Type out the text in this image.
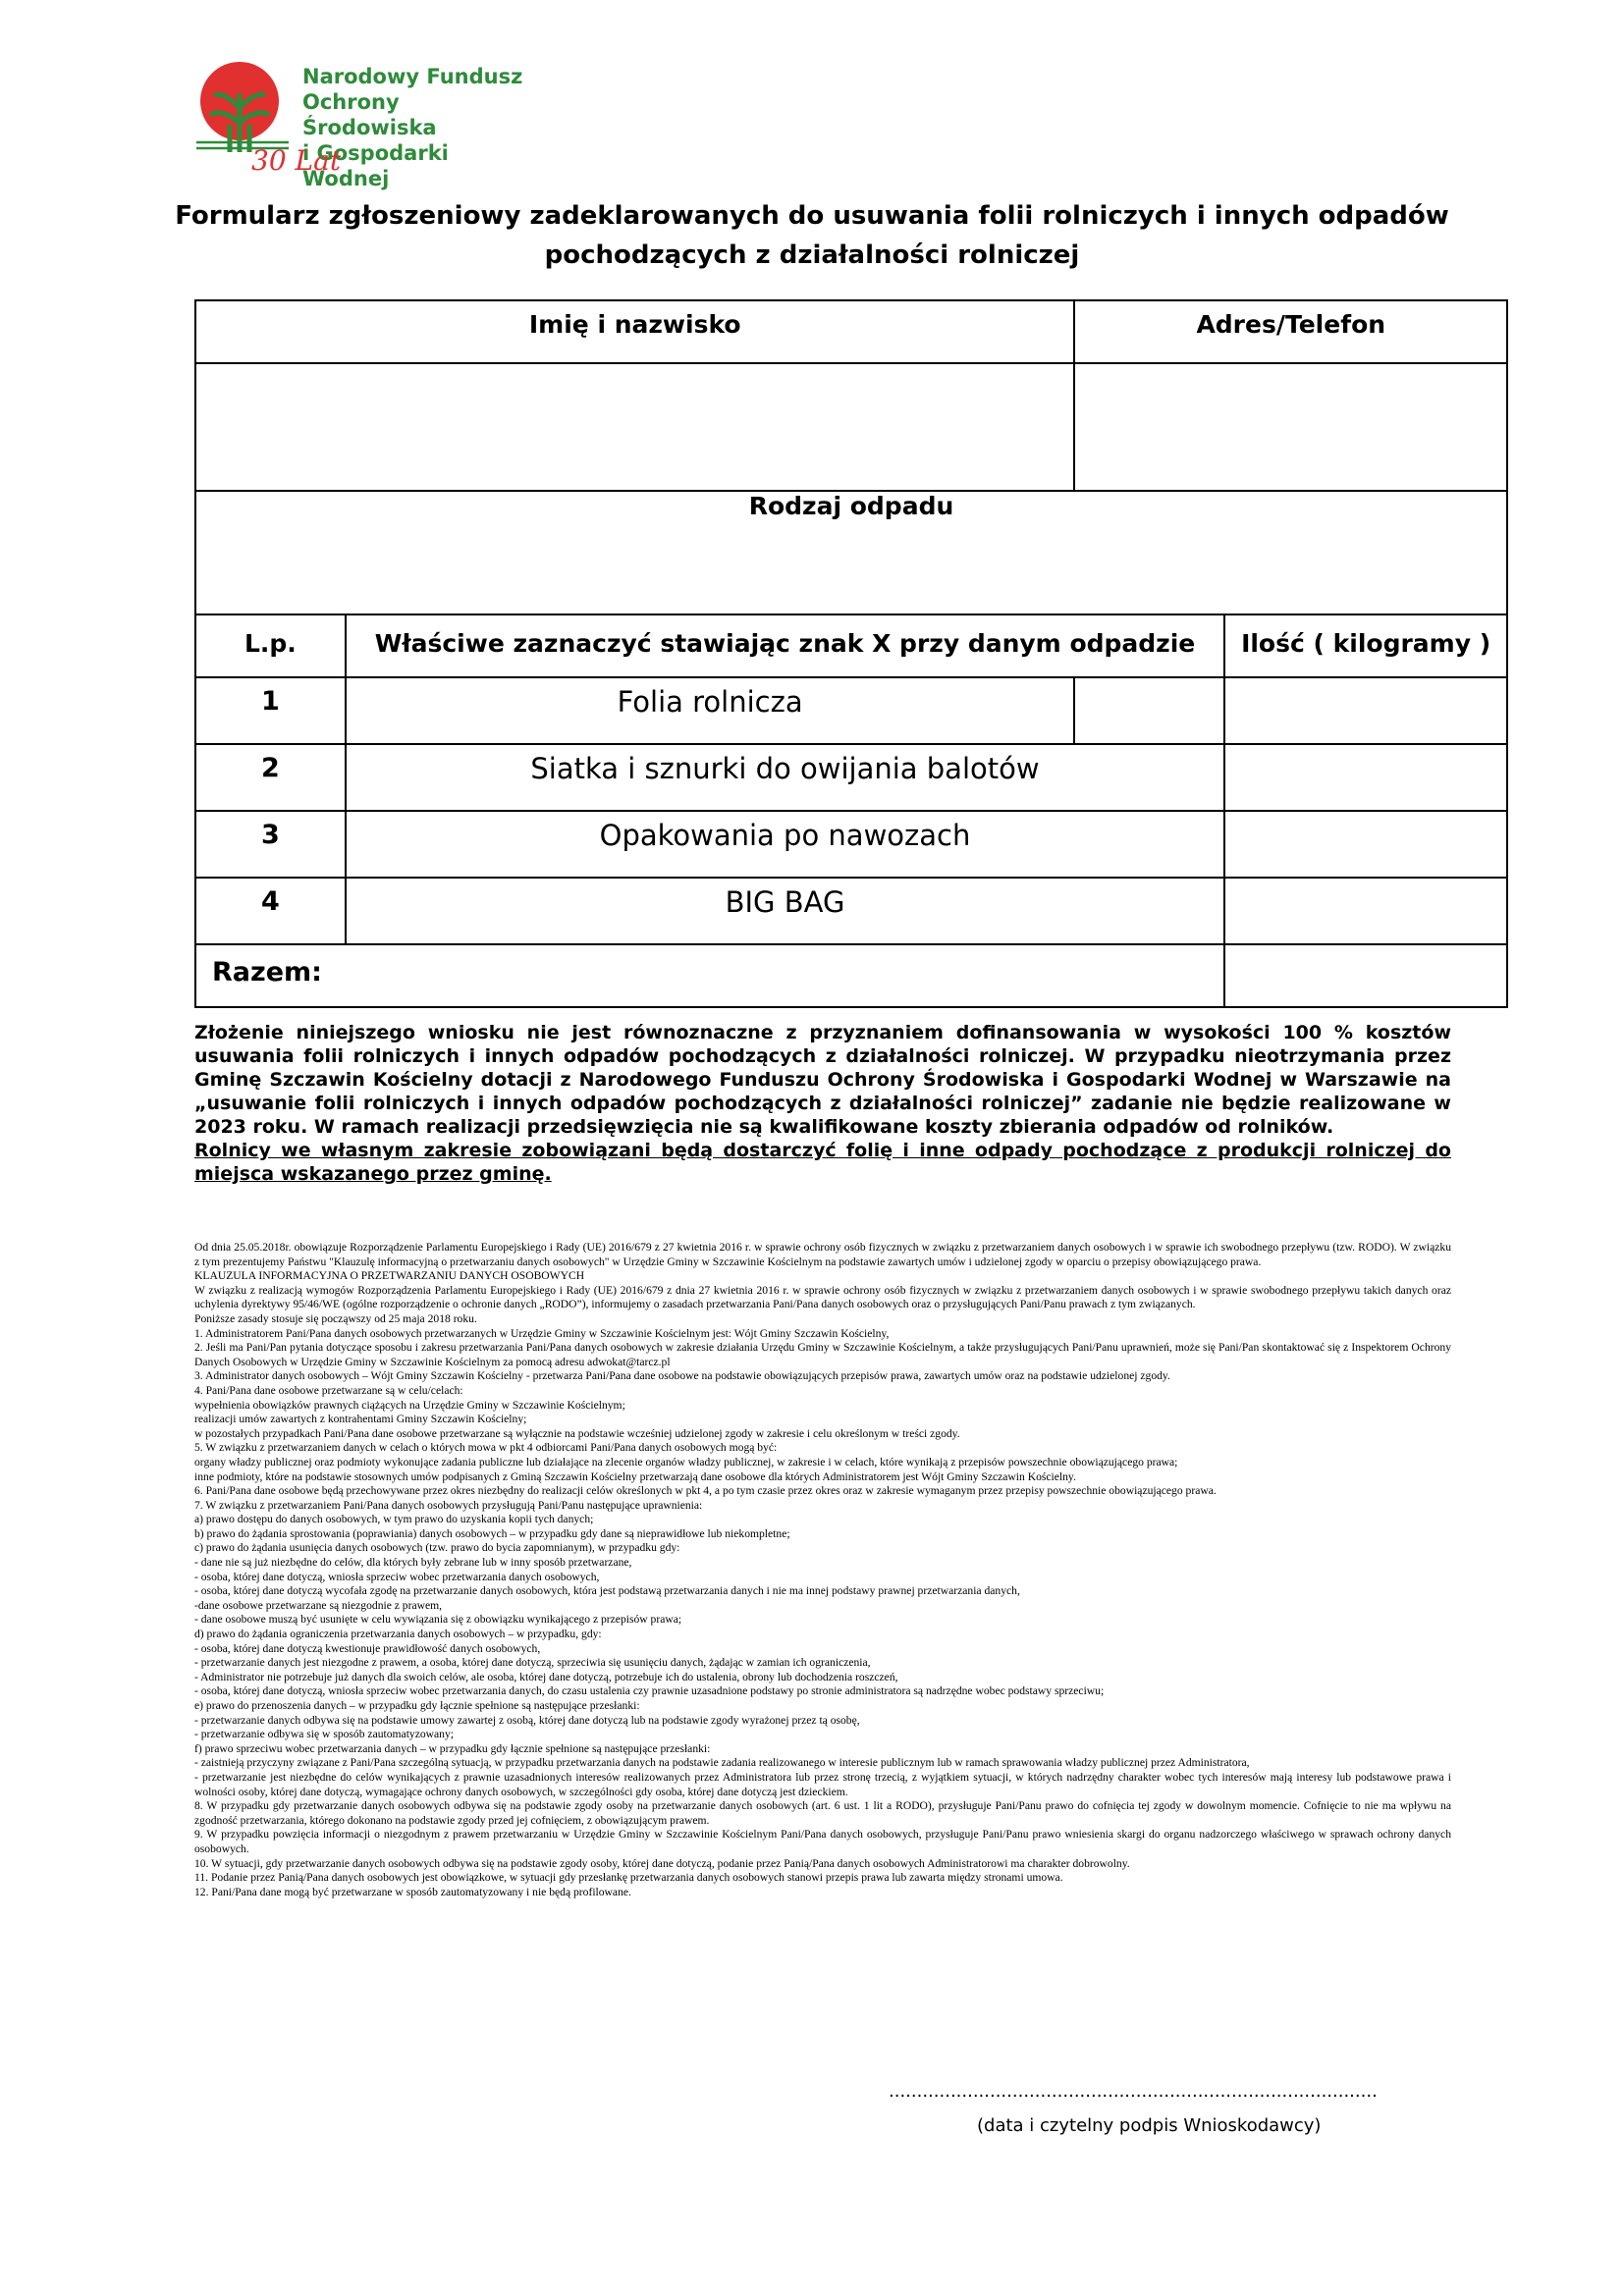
Narodowy Fundusz
Ochrony Środowiska
i Gospodarki Wodnej
30 Lat
Formularz zgłoszeniowy zadeklarowanych do usuwania folii rolniczych i innych odpadów
pochodzących z działalności rolniczej
Imię i nazwisko		Adres/Telefon	

Rodzaj odpadu			
L.p.	Właściwe zaznaczyć stawiając znak X przy danym odpadzie		Ilość ( kilogramy )
1	Folia rolnicza		
2	Siatka i sznurki do owijania balotów		
3	Opakowania po nawozach		
4	BIG BAG		
Razem:			
Złożenie niniejszego wniosku nie jest równoznaczne z przyznaniem dofinansowania w wysokości 100 % kosztów usuwania folii rolniczych i innych odpadów pochodzących z działalności rolniczej. W przypadku nieotrzymania przez Gminę Szczawin Kościelny dotacji z Narodowego Funduszu Ochrony Środowiska i Gospodarki Wodnej w Warszawie na „usuwanie folii rolniczych i innych odpadów pochodzących z działalności rolniczej” zadanie nie będzie realizowane w 2023 roku. W ramach realizacji przedsięwzięcia nie są kwalifikowane koszty zbierania odpadów od rolników.
Rolnicy we własnym zakresie zobowiązani będą dostarczyć folię i inne odpady pochodzące z produkcji rolniczej do miejsca wskazanego przez gminę.
Od dnia 25.05.2018r. obowiązuje Rozporządzenie Parlamentu Europejskiego i Rady (UE) 2016/679 z 27 kwietnia 2016 r. w sprawie ochrony osób fizycznych w związku z przetwarzaniem danych osobowych i w sprawie ich swobodnego przepływu (tzw. RODO). W związku z tym prezentujemy Państwu "Klauzulę informacyjną o przetwarzaniu danych osobowych" w Urzędzie Gminy w Szczawinie Kościelnym na podstawie zawartych umów i udzielonej zgody w oparciu o przepisy obowiązującego prawa.
KLAUZULA INFORMACYJNA O PRZETWARZANIU DANYCH OSOBOWYCH
W związku z realizacją wymogów Rozporządzenia Parlamentu Europejskiego i Rady (UE) 2016/679 z dnia 27 kwietnia 2016 r. w sprawie ochrony osób fizycznych w związku z przetwarzaniem danych osobowych i w sprawie swobodnego przepływu takich danych oraz uchylenia dyrektywy 95/46/WE (ogólne rozporządzenie o ochronie danych „RODO”), informujemy o zasadach przetwarzania Pani/Pana danych osobowych oraz o przysługujących Pani/Panu prawach z tym związanych.
Poniższe zasady stosuje się począwszy od 25 maja 2018 roku.
1. Administratorem Pani/Pana danych osobowych przetwarzanych w Urzędzie Gminy w Szczawinie Kościelnym jest: Wójt Gminy Szczawin Kościelny,
2. Jeśli ma Pani/Pan pytania dotyczące sposobu i zakresu przetwarzania Pani/Pana danych osobowych w zakresie działania Urzędu Gminy w Szczawinie Kościelnym, a także przysługujących Pani/Panu uprawnień, może się Pani/Pan skontaktować się z Inspektorem Ochrony Danych Osobowych w Urzędzie Gminy w Szczawinie Kościelnym za pomocą adresu adwokat@tarcz.pl
3. Administrator danych osobowych – Wójt Gminy Szczawin Kościelny - przetwarza Pani/Pana dane osobowe na podstawie obowiązujących przepisów prawa, zawartych umów oraz na podstawie udzielonej zgody.
4. Pani/Pana dane osobowe przetwarzane są w celu/celach:
wypełnienia obowiązków prawnych ciążących na Urzędzie Gminy w Szczawinie Kościelnym;
realizacji umów zawartych z kontrahentami Gminy Szczawin Kościelny;
w pozostałych przypadkach Pani/Pana dane osobowe przetwarzane są wyłącznie na podstawie wcześniej udzielonej zgody w zakresie i celu określonym w treści zgody.
5. W związku z przetwarzaniem danych w celach o których mowa w pkt 4 odbiorcami Pani/Pana danych osobowych mogą być:
organy władzy publicznej oraz podmioty wykonujące zadania publiczne lub działające na zlecenie organów władzy publicznej, w zakresie i w celach, które wynikają z przepisów powszechnie obowiązującego prawa;
inne podmioty, które na podstawie stosownych umów podpisanych z Gminą Szczawin Kościelny przetwarzają dane osobowe dla których Administratorem jest Wójt Gminy Szczawin Kościelny.
6. Pani/Pana dane osobowe będą przechowywane przez okres niezbędny do realizacji celów określonych w pkt 4, a po tym czasie przez okres oraz w zakresie wymaganym przez przepisy powszechnie obowiązującego prawa.
7. W związku z przetwarzaniem Pani/Pana danych osobowych przysługują Pani/Panu następujące uprawnienia:
a) prawo dostępu do danych osobowych, w tym prawo do uzyskania kopii tych danych;
b) prawo do żądania sprostowania (poprawiania) danych osobowych – w przypadku gdy dane są nieprawidłowe lub niekompletne;
c) prawo do żądania usunięcia danych osobowych (tzw. prawo do bycia zapomnianym), w przypadku gdy:
- dane nie są już niezbędne do celów, dla których były zebrane lub w inny sposób przetwarzane,
- osoba, której dane dotyczą, wniosła sprzeciw wobec przetwarzania danych osobowych,
- osoba, której dane dotyczą wycofała zgodę na przetwarzanie danych osobowych, która jest podstawą przetwarzania danych i nie ma innej podstawy prawnej przetwarzania danych,
-dane osobowe przetwarzane są niezgodnie z prawem,
- dane osobowe muszą być usunięte w celu wywiązania się z obowiązku wynikającego z przepisów prawa;
d) prawo do żądania ograniczenia przetwarzania danych osobowych – w przypadku, gdy:
- osoba, której dane dotyczą kwestionuje prawidłowość danych osobowych,
- przetwarzanie danych jest niezgodne z prawem, a osoba, której dane dotyczą, sprzeciwia się usunięciu danych, żądając w zamian ich ograniczenia,
- Administrator nie potrzebuje już danych dla swoich celów, ale osoba, której dane dotyczą, potrzebuje ich do ustalenia, obrony lub dochodzenia roszczeń,
- osoba, której dane dotyczą, wniosła sprzeciw wobec przetwarzania danych, do czasu ustalenia czy prawnie uzasadnione podstawy po stronie administratora są nadrzędne wobec podstawy sprzeciwu;
e) prawo do przenoszenia danych – w przypadku gdy łącznie spełnione są następujące przesłanki:
- przetwarzanie danych odbywa się na podstawie umowy zawartej z osobą, której dane dotyczą lub na podstawie zgody wyrażonej przez tą osobę,
- przetwarzanie odbywa się w sposób zautomatyzowany;
f) prawo sprzeciwu wobec przetwarzania danych – w przypadku gdy łącznie spełnione są następujące przesłanki:
- zaistnieją przyczyny związane z Pani/Pana szczególną sytuacją, w przypadku przetwarzania danych na podstawie zadania realizowanego w interesie publicznym lub w ramach sprawowania władzy publicznej przez Administratora,
- przetwarzanie jest niezbędne do celów wynikających z prawnie uzasadnionych interesów realizowanych przez Administratora lub przez stronę trzecią, z wyjątkiem sytuacji, w których nadrzędny charakter wobec tych interesów mają interesy lub podstawowe prawa i wolności osoby, której dane dotyczą, wymagające ochrony danych osobowych, w szczególności gdy osoba, której dane dotyczą jest dzieckiem.
8. W przypadku gdy przetwarzanie danych osobowych odbywa się na podstawie zgody osoby na przetwarzanie danych osobowych (art. 6 ust. 1 lit a RODO), przysługuje Pani/Panu prawo do cofnięcia tej zgody w dowolnym momencie. Cofnięcie to nie ma wpływu na zgodność przetwarzania, którego dokonano na podstawie zgody przed jej cofnięciem, z obowiązującym prawem.
9. W przypadku powzięcia informacji o niezgodnym z prawem przetwarzaniu w Urzędzie Gminy w Szczawinie Kościelnym Pani/Pana danych osobowych, przysługuje Pani/Panu prawo wniesienia skargi do organu nadzorczego właściwego w sprawach ochrony danych osobowych.
10. W sytuacji, gdy przetwarzanie danych osobowych odbywa się na podstawie zgody osoby, której dane dotyczą, podanie przez Panią/Pana danych osobowych Administratorowi ma charakter dobrowolny.
11. Podanie przez Panią/Pana danych osobowych jest obowiązkowe, w sytuacji gdy przesłankę przetwarzania danych osobowych stanowi przepis prawa lub zawarta między stronami umowa.
12. Pani/Pana dane mogą być przetwarzane w sposób zautomatyzowany i nie będą profilowane.
.......................................................................................
(data i czytelny podpis Wnioskodawcy)
